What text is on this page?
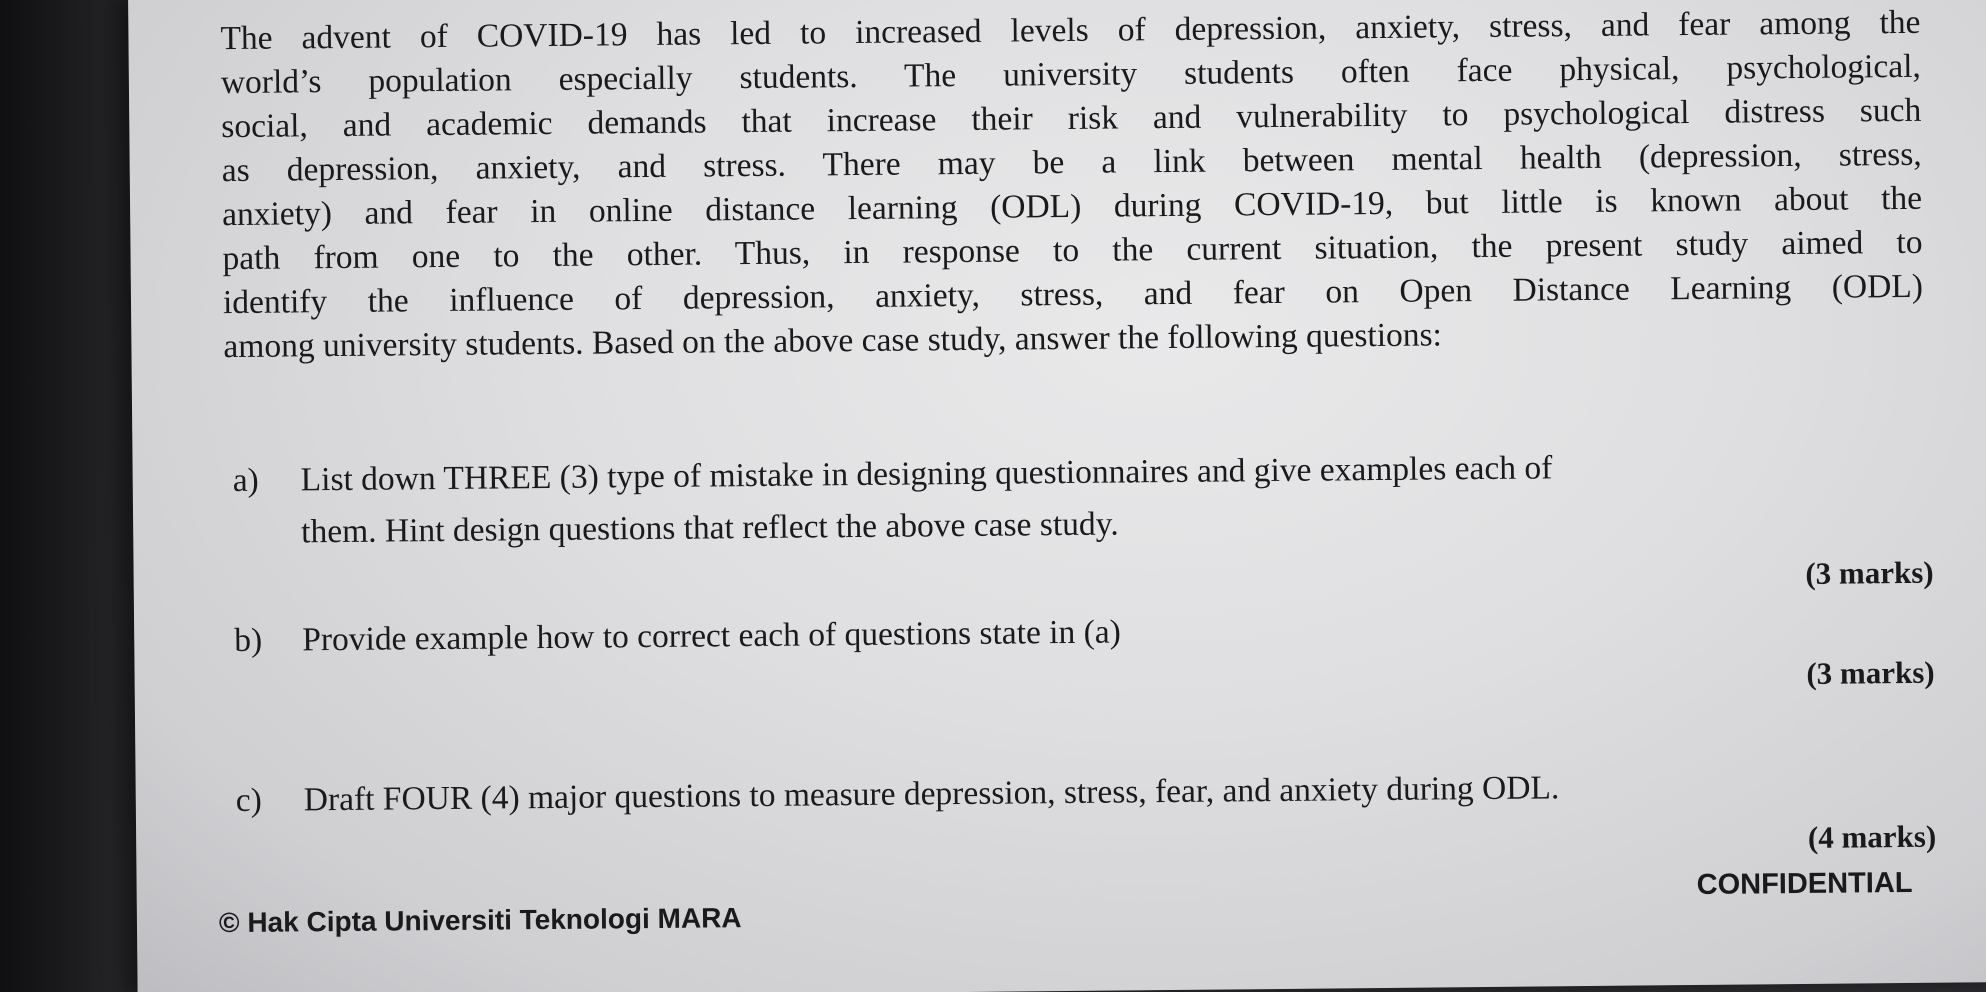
The advent of COVID-19 has led to increased levels of depression, anxiety, stress, and fear among the
world’s population especially students. The university students often face physical, psychological,
social, and academic demands that increase their risk and vulnerability to psychological distress such
as depression, anxiety, and stress. There may be a link between mental health (depression, stress,
anxiety) and fear in online distance learning (ODL) during COVID-19, but little is known about the
path from one to the other. Thus, in response to the current situation, the present study aimed to
identify the influence of depression, anxiety, stress, and fear on Open Distance Learning (ODL)
among university students. Based on the above case study, answer the following questions:
a) List down THREE (3) type of mistake in designing questionnaires and give examples each of
them. Hint design questions that reflect the above case study.
(3 marks)
b) Provide example how to correct each of questions state in (a)
(3 marks)
c) Draft FOUR (4) major questions to measure depression, stress, fear, and anxiety during ODL.
(4 marks)
© Hak Cipta Universiti Teknologi MARA
CONFIDENTIAL
